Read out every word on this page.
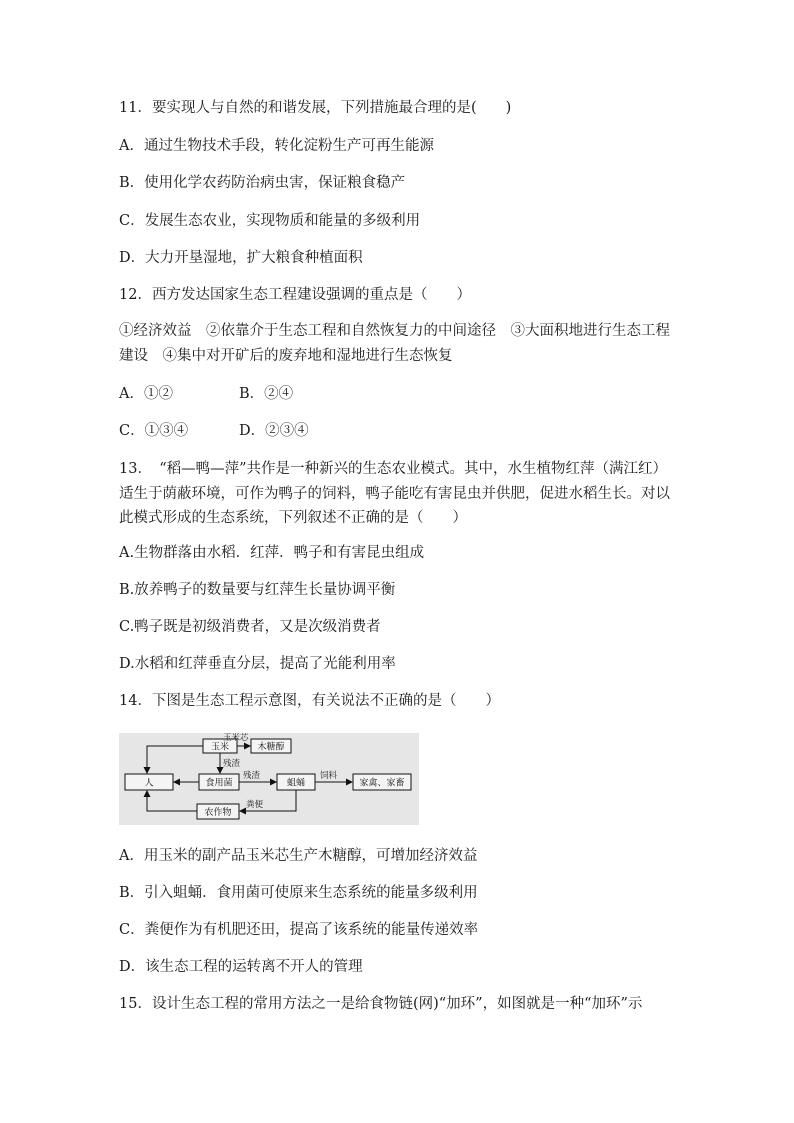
11．要实现人与自然的和谐发展，下列措施最合理的是(　　)
A．通过生物技术手段，转化淀粉生产可再生能源
B．使用化学农药防治病虫害，保证粮食稳产
C．发展生态农业，实现物质和能量的多级利用
D．大力开垦湿地，扩大粮食种植面积
12．西方发达国家生态工程建设强调的重点是（　　）
①经济效益　②依靠介于生态工程和自然恢复力的中间途径　③大面积地进行生态工程建设　④集中对开矿后的废弃地和湿地进行生态恢复
A．①②	B．②④
C．①③④	D．②③④
13．　“稻—鸭—萍”共作是一种新兴的生态农业模式。其中，水生植物红萍（满江红）适生于荫蔽环境，可作为鸭子的饲料，鸭子能吃有害昆虫并供肥，促进水稻生长。对以此模式形成的生态系统，下列叙述不正确的是（　　）
A.生物群落由水稻．红萍．鸭子和有害昆虫组成
B.放养鸭子的数量要与红萍生长量协调平衡
C.鸭子既是初级消费者，又是次级消费者
D.水稻和红萍垂直分层，提高了光能利用率
14．下图是生态工程示意图，有关说法不正确的是（　　）
玉米	木糖醇
人	食用菌	蛆蛹	家禽、家畜
农作物
玉米芯
残渣
残渣	饲料
粪便
A．用玉米的副产品玉米芯生产木糖醇，可增加经济效益
B．引入蛆蛹．食用菌可使原来生态系统的能量多级利用
C．粪便作为有机肥还田，提高了该系统的能量传递效率
D．该生态工程的运转离不开人的管理
15．设计生态工程的常用方法之一是给食物链(网)“加环”，如图就是一种“加环”示
